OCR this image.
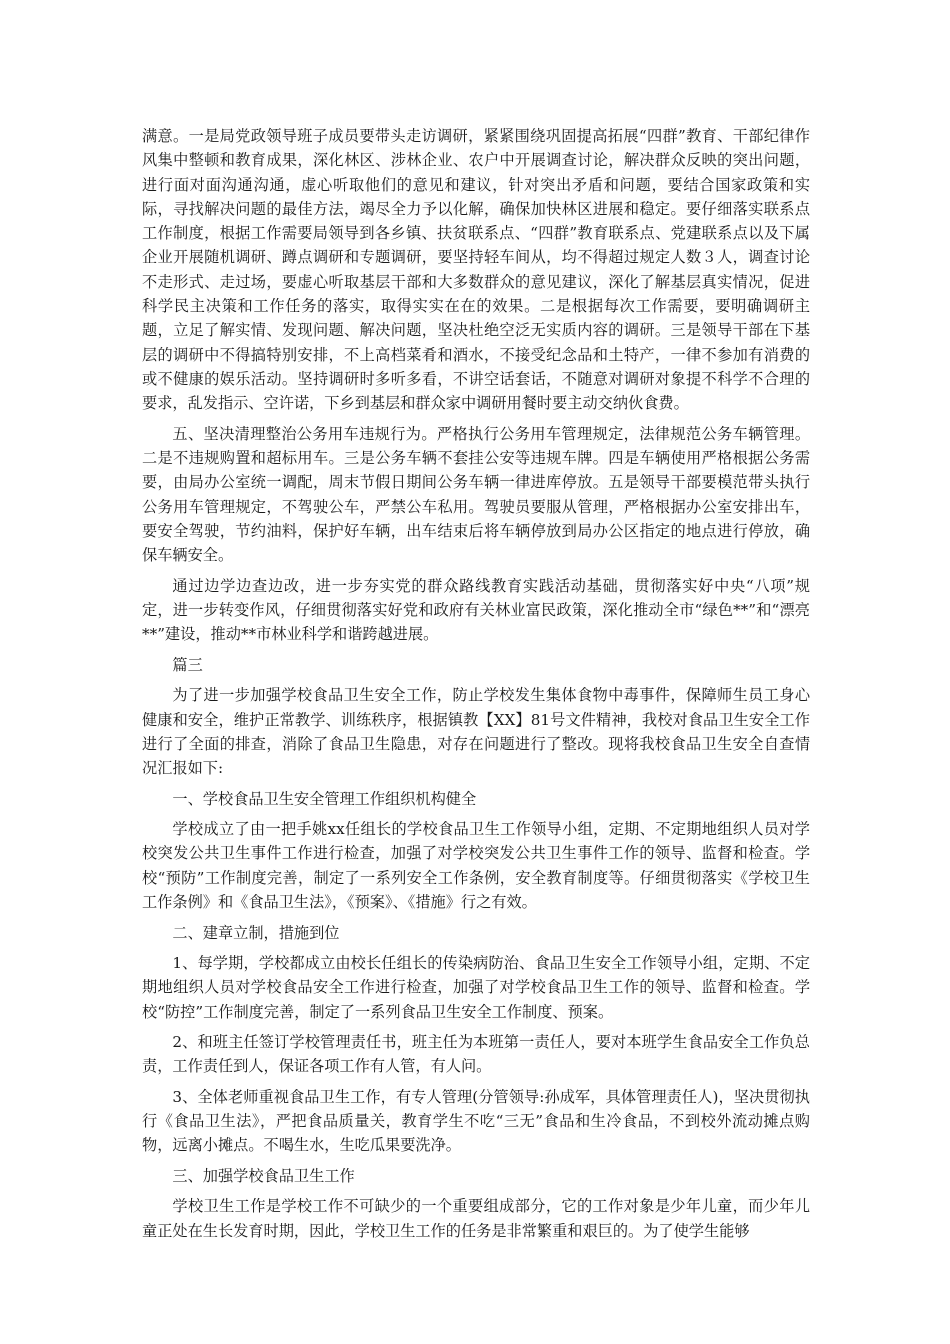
满意。一是局党政领导班子成员要带头走访调研，紧紧围绕巩固提高拓展“四群”教育、干部纪律作风集中整顿和教育成果，深化林区、涉林企业、农户中开展调查讨论，解决群众反映的突出问题，进行面对面沟通沟通，虚心听取他们的意见和建议，针对突出矛盾和问题，要结合国家政策和实际，寻找解决问题的最佳方法，竭尽全力予以化解，确保加快林区进展和稳定。要仔细落实联系点工作制度，根据工作需要局领导到各乡镇、扶贫联系点、“四群”教育联系点、党建联系点以及下属企业开展随机调研、蹲点调研和专题调研，要坚持轻车间从，均不得超过规定人数３人，调查讨论不走形式、走过场，要虚心听取基层干部和大多数群众的意见建议，深化了解基层真实情况，促进科学民主决策和工作任务的落实，取得实实在在的效果。二是根据每次工作需要，要明确调研主题，立足了解实情、发现问题、解决问题，坚决杜绝空泛无实质内容的调研。三是领导干部在下基层的调研中不得搞特别安排，不上高档菜肴和酒水，不接受纪念品和土特产，一律不参加有消费的或不健康的娱乐活动。坚持调研时多听多看，不讲空话套话，不随意对调研对象提不科学不合理的要求，乱发指示、空许诺，下乡到基层和群众家中调研用餐时要主动交纳伙食费。

五、坚决清理整治公务用车违规行为。严格执行公务用车管理规定，法律规范公务车辆管理。二是不违规购置和超标用车。三是公务车辆不套挂公安等违规车牌。四是车辆使用严格根据公务需要，由局办公室统一调配，周末节假日期间公务车辆一律进库停放。五是领导干部要模范带头执行公务用车管理规定，不驾驶公车，严禁公车私用。驾驶员要服从管理，严格根据办公室安排出车，要安全驾驶，节约油料，保护好车辆，出车结束后将车辆停放到局办公区指定的地点进行停放，确保车辆安全。

通过边学边查边改，进一步夯实党的群众路线教育实践活动基础，贯彻落实好中央“八项”规定，进一步转变作风，仔细贯彻落实好党和政府有关林业富民政策，深化推动全市“绿色**”和“漂亮**”建设，推动**市林业科学和谐跨越进展。

篇三

为了进一步加强学校食品卫生安全工作，防止学校发生集体食物中毒事件，保障师生员工身心健康和安全，维护正常教学、训练秩序，根据镇教【XX】81号文件精神，我校对食品卫生安全工作进行了全面的排查，消除了食品卫生隐患，对存在问题进行了整改。现将我校食品卫生安全自查情况汇报如下:

一、学校食品卫生安全管理工作组织机构健全

学校成立了由一把手姚xx任组长的学校食品卫生工作领导小组，定期、不定期地组织人员对学校突发公共卫生事件工作进行检查，加强了对学校突发公共卫生事件工作的领导、监督和检查。学校“预防”工作制度完善，制定了一系列安全工作条例，安全教育制度等。仔细贯彻落实《学校卫生工作条例》和《食品卫生法》，《预案》、《措施》行之有效。

二、建章立制，措施到位

1、每学期，学校都成立由校长任组长的传染病防治、食品卫生安全工作领导小组，定期、不定期地组织人员对学校食品安全工作进行检查，加强了对学校食品卫生工作的领导、监督和检查。学校“防控”工作制度完善，制定了一系列食品卫生安全工作制度、预案。

2、和班主任签订学校管理责任书，班主任为本班第一责任人，要对本班学生食品安全工作负总责，工作责任到人，保证各项工作有人管，有人问。

3、全体老师重视食品卫生工作，有专人管理(分管领导:孙成军，具体管理责任人)，坚决贯彻执行《食品卫生法》，严把食品质量关，教育学生不吃“三无”食品和生冷食品，不到校外流动摊点购物，远离小摊点。不喝生水，生吃瓜果要洗净。

三、加强学校食品卫生工作

学校卫生工作是学校工作不可缺少的一个重要组成部分，它的工作对象是少年儿童，而少年儿童正处在生长发育时期，因此，学校卫生工作的任务是非常繁重和艰巨的。为了使学生能够
